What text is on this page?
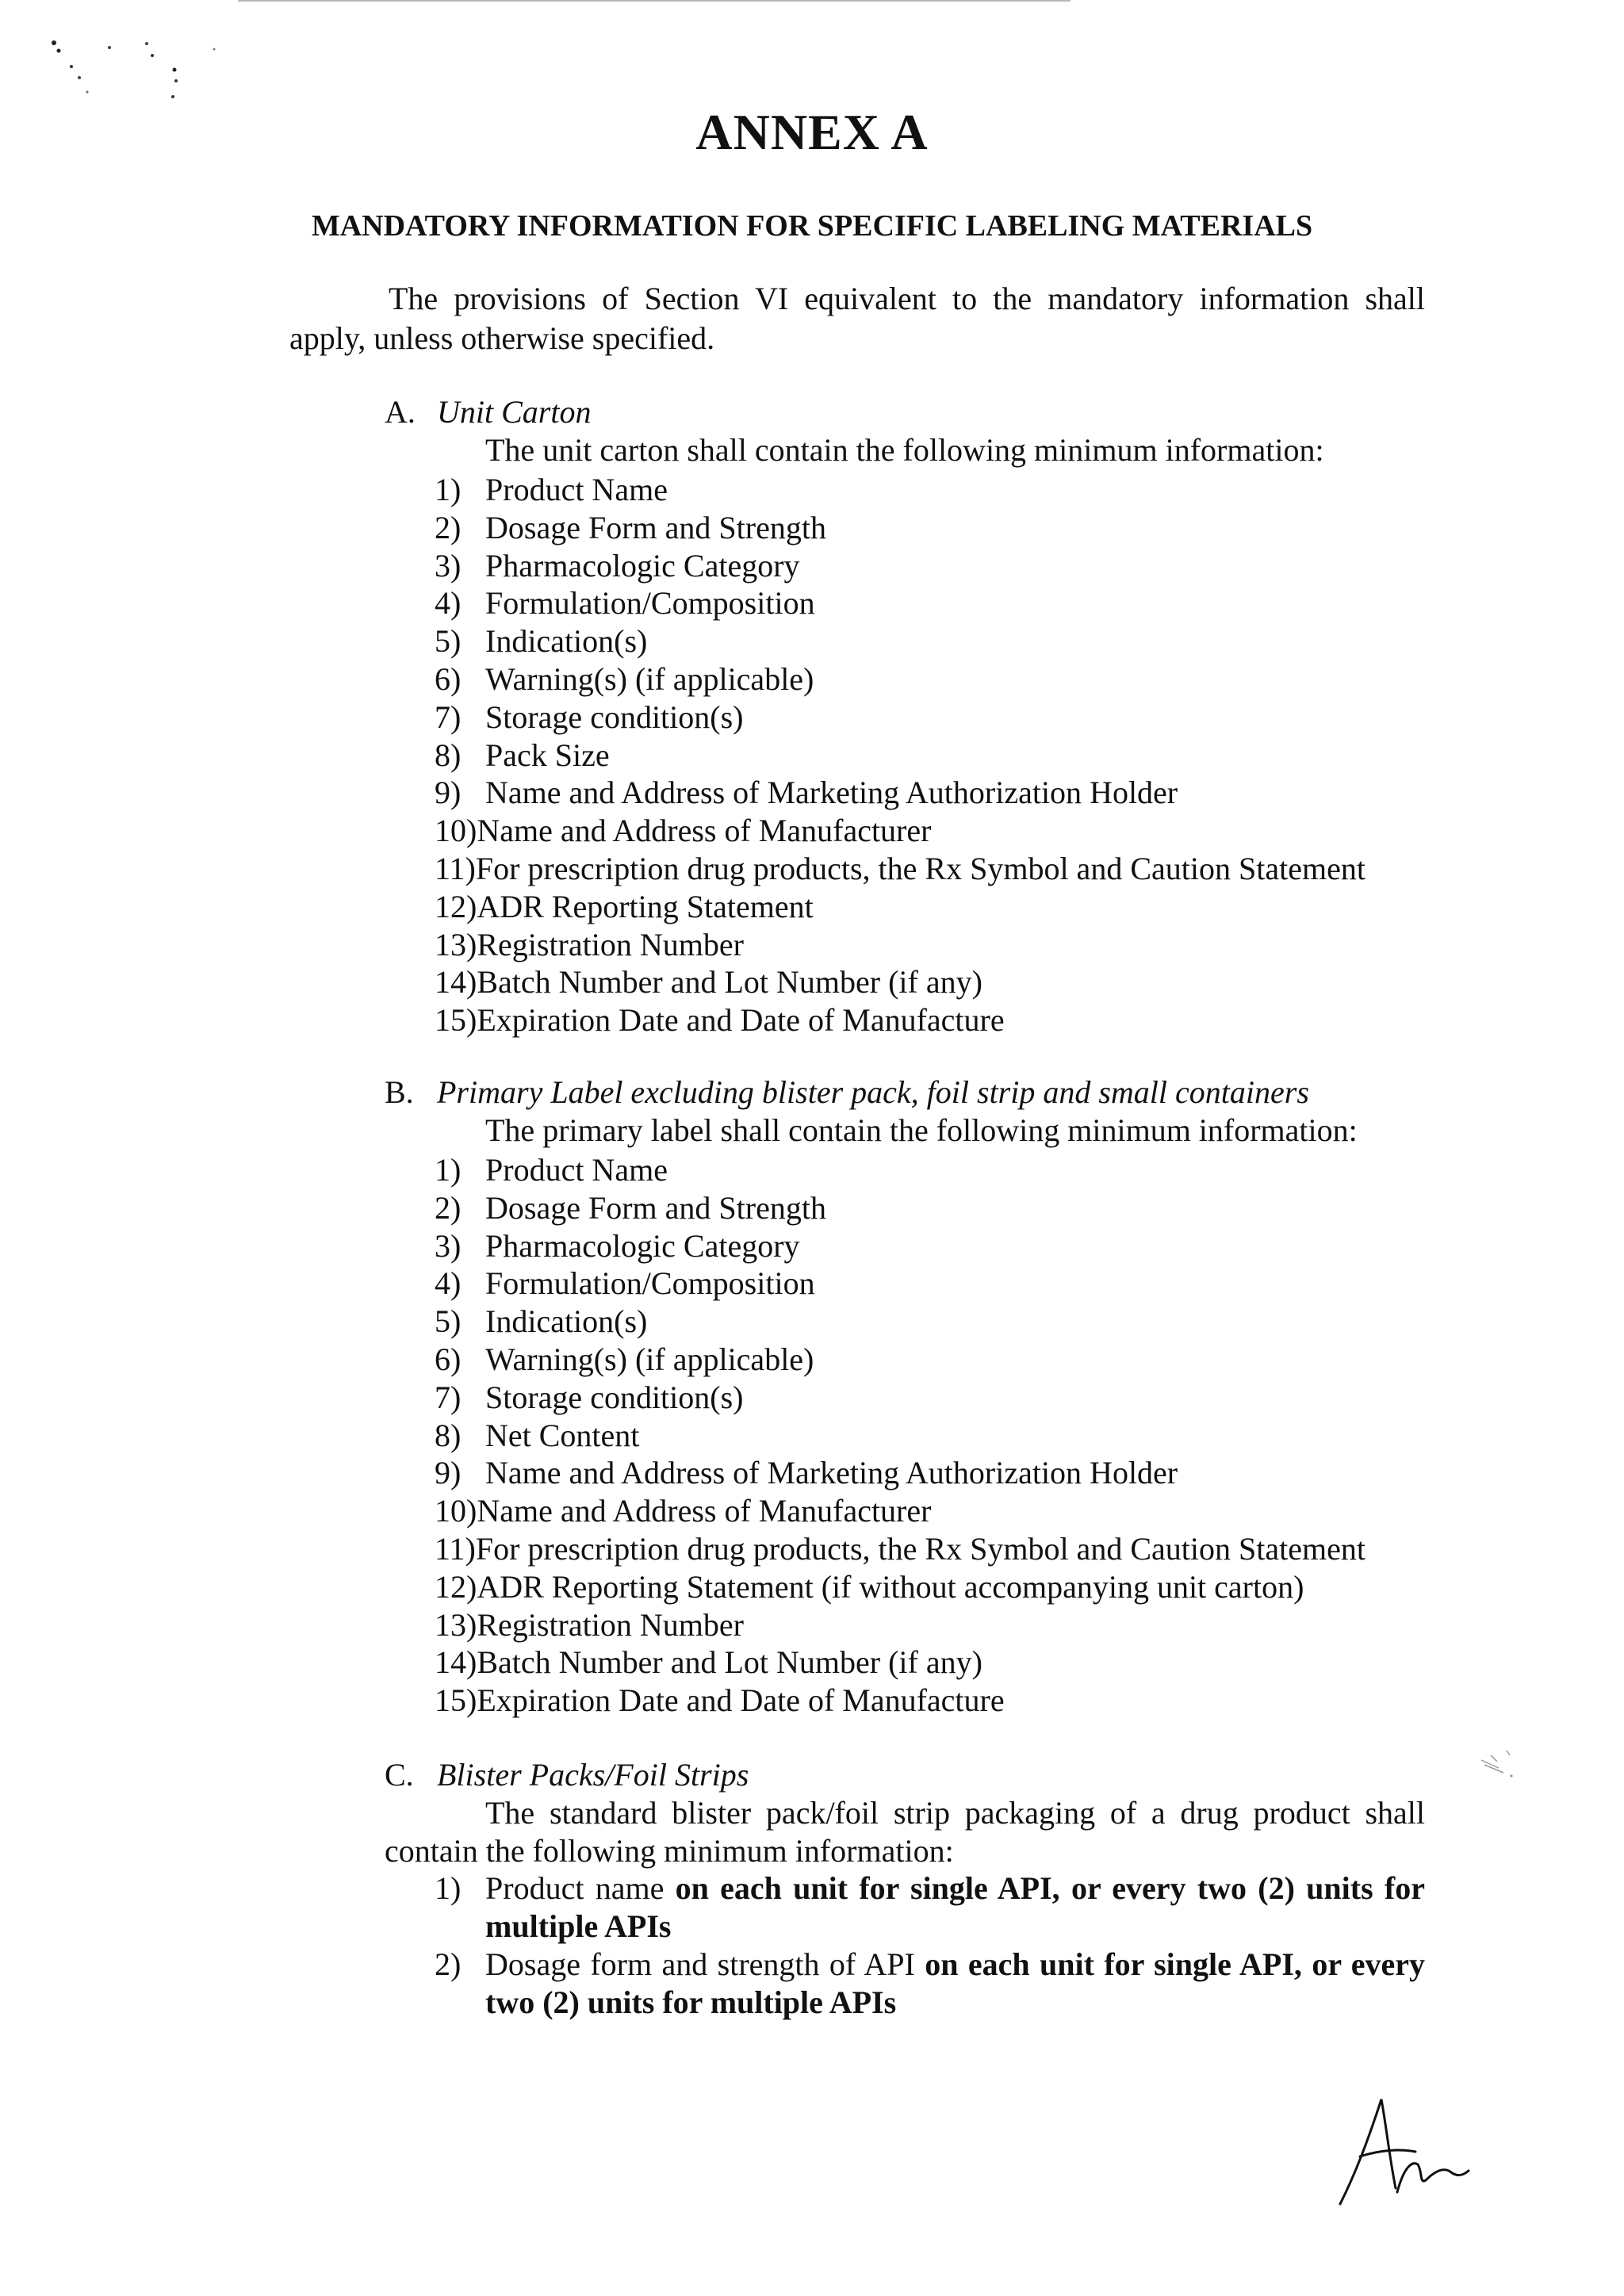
ANNEX A
MANDATORY INFORMATION FOR SPECIFIC LABELING MATERIALS
The provisions of Section VI equivalent to the mandatory information shall apply, unless otherwise specified.
A. Unit Carton
The unit carton shall contain the following minimum information:
1) Product Name
2) Dosage Form and Strength
3) Pharmacologic Category
4) Formulation/Composition
5) Indication(s)
6) Warning(s) (if applicable)
7) Storage condition(s)
8) Pack Size
9) Name and Address of Marketing Authorization Holder
10)Name and Address of Manufacturer
11)For prescription drug products, the Rx Symbol and Caution Statement
12)ADR Reporting Statement
13)Registration Number
14)Batch Number and Lot Number (if any)
15)Expiration Date and Date of Manufacture
B. Primary Label excluding blister pack, foil strip and small containers
The primary label shall contain the following minimum information:
1) Product Name
2) Dosage Form and Strength
3) Pharmacologic Category
4) Formulation/Composition
5) Indication(s)
6) Warning(s) (if applicable)
7) Storage condition(s)
8) Net Content
9) Name and Address of Marketing Authorization Holder
10)Name and Address of Manufacturer
11)For prescription drug products, the Rx Symbol and Caution Statement
12)ADR Reporting Statement (if without accompanying unit carton)
13)Registration Number
14)Batch Number and Lot Number (if any)
15)Expiration Date and Date of Manufacture
C. Blister Packs/Foil Strips
The standard blister pack/foil strip packaging of a drug product shall contain the following minimum information:
1) Product name on each unit for single API, or every two (2) units for multiple APIs
2) Dosage form and strength of API on each unit for single API, or every two (2) units for multiple APIs
